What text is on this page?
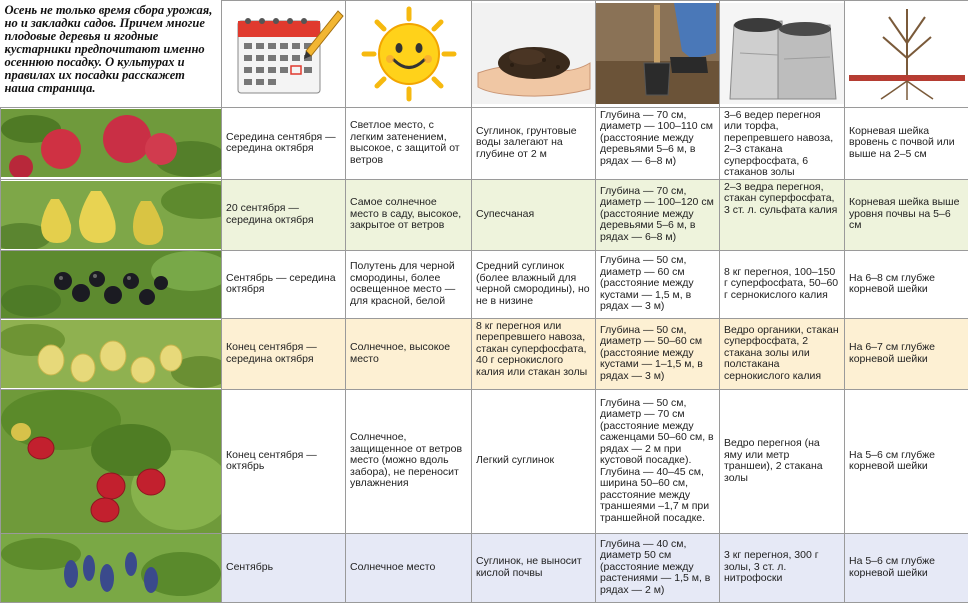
Осень не только время сбора урожая, но и закладки садов. Причем многие плодовые деревья и ягодные кустарники предпочитают именно осеннюю посадку. О культурах и правилах их посадки расскажет наша страница.

	Середина сентября — середина октября	Светлое место, с легким затенением, высокое, с защитой от ветров	Суглинок, грунтовые воды залегают на глубине от 2 м	Глубина — 70 см, диаметр — 100–110 см (расстояние между деревьями 5–6 м, в рядах — 6–8 м)	3–6 ведер перегноя или торфа, перепревшего навоза, 2–3 стакана суперфосфата, 6 стаканов золы	Корневая шейка вровень с почвой или выше на 2–5 см

	20 сентября — середина октября	Самое солнечное место в саду, высокое, закрытое от ветров	Супесчаная	Глубина — 70 см, диаметр — 100–120 см (расстояние между деревьями 5–6 м, в рядах — 6–8 м)	2–3 ведра перегноя, стакан суперфосфата, 3 ст. л. сульфата калия	Корневая шейка выше уровня почвы на 5–6 см

	Сентябрь — середина октября	Полутень для черной смородины, более освещенное место — для красной, белой	Средний суглинок (более влажный для черной смородины), но не в низине	Глубина — 50 см, диаметр — 60 см (расстояние между кустами — 1,5 м, в рядах — 3 м)	8 кг перегноя, 100–150 г суперфосфата, 50–60 г сернокислого калия	На 6–8 см глубже корневой шейки

	Конец сентября — середина октября	Солнечное, высокое место	8 кг перегноя или перепревшего навоза, стакан суперфосфата, 40 г сернокислого калия или стакан золы	Глубина — 50 см, диаметр — 50–60 см (расстояние между кустами — 1–1,5 м, в рядах — 3 м)	Ведро органики, стакан суперфосфата, 2 стакана золы или полстакана сернокислого калия	На 6–7 см глубже корневой шейки

	Конец сентября — октябрь	Солнечное, защищенное от ветров место (можно вдоль забора), не переносит увлажнения	Легкий суглинок	Глубина — 50 см, диаметр — 70 см (расстояние между саженцами 50–60 см, в рядах — 2 м при кустовой посадке). Глубина — 40–45 см, ширина 50–60 см, расстояние между траншеями –1,7 м при траншейной посадке.	Ведро перегноя (на яму или метр траншеи), 2 стакана золы	На 5–6 см глубже корневой шейки

	Сентябрь	Солнечное место	Суглинок, не выносит кислой почвы	Глубина — 40 см, диаметр 50 см (расстояние между растениями — 1,5 м, в рядах — 2 м)	3 кг перегноя, 300 г золы, 3 ст. л. нитрофоски	На 5–6 см глубже корневой шейки
